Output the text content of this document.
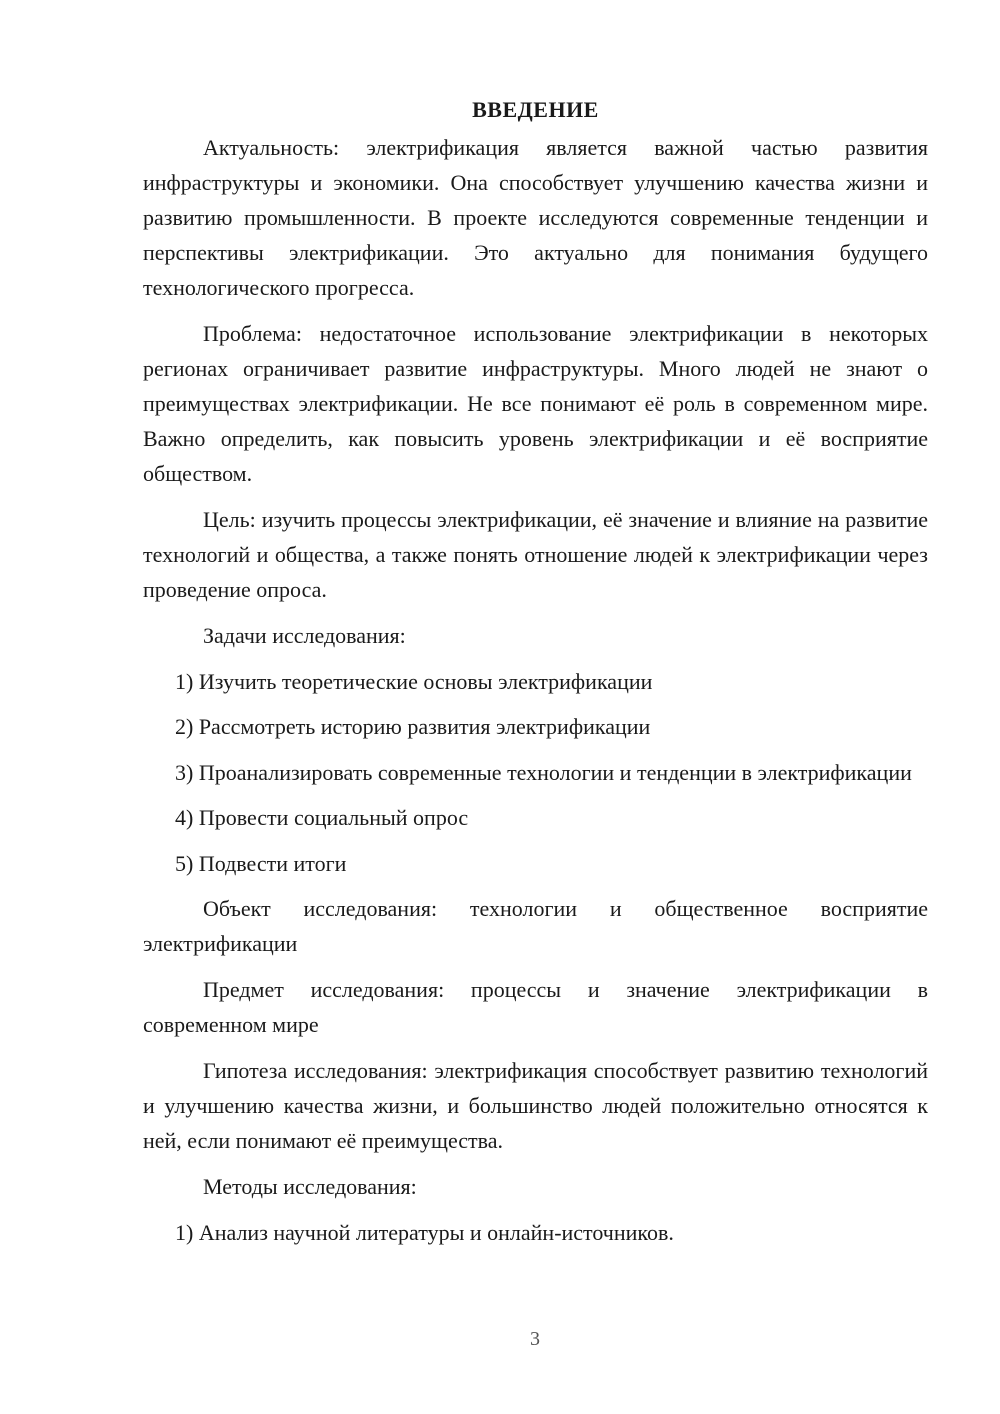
ВВЕДЕНИЕ

Актуальность: электрификация является важной частью развития инфраструктуры и экономики. Она способствует улучшению качества жизни и развитию промышленности. В проекте исследуются современные тенденции и перспективы электрификации. Это актуально для понимания будущего технологического прогресса.

Проблема: недостаточное использование электрификации в некоторых регионах ограничивает развитие инфраструктуры. Много людей не знают о преимуществах электрификации. Не все понимают её роль в современном мире. Важно определить, как повысить уровень электрификации и её восприятие обществом.

Цель: изучить процессы электрификации, её значение и влияние на развитие технологий и общества, а также понять отношение людей к электрификации через проведение опроса.

Задачи исследования:

1) Изучить теоретические основы электрификации

2) Рассмотреть историю развития электрификации

3) Проанализировать современные технологии и тенденции в электрификации

4) Провести социальный опрос

5) Подвести итоги

Объект исследования: технологии и общественное восприятие электрификации

Предмет исследования: процессы и значение электрификации в современном мире

Гипотеза исследования: электрификация способствует развитию технологий и улучшению качества жизни, и большинство людей положительно относятся к ней, если понимают её преимущества.

Методы исследования:

1) Анализ научной литературы и онлайн-источников.

3
